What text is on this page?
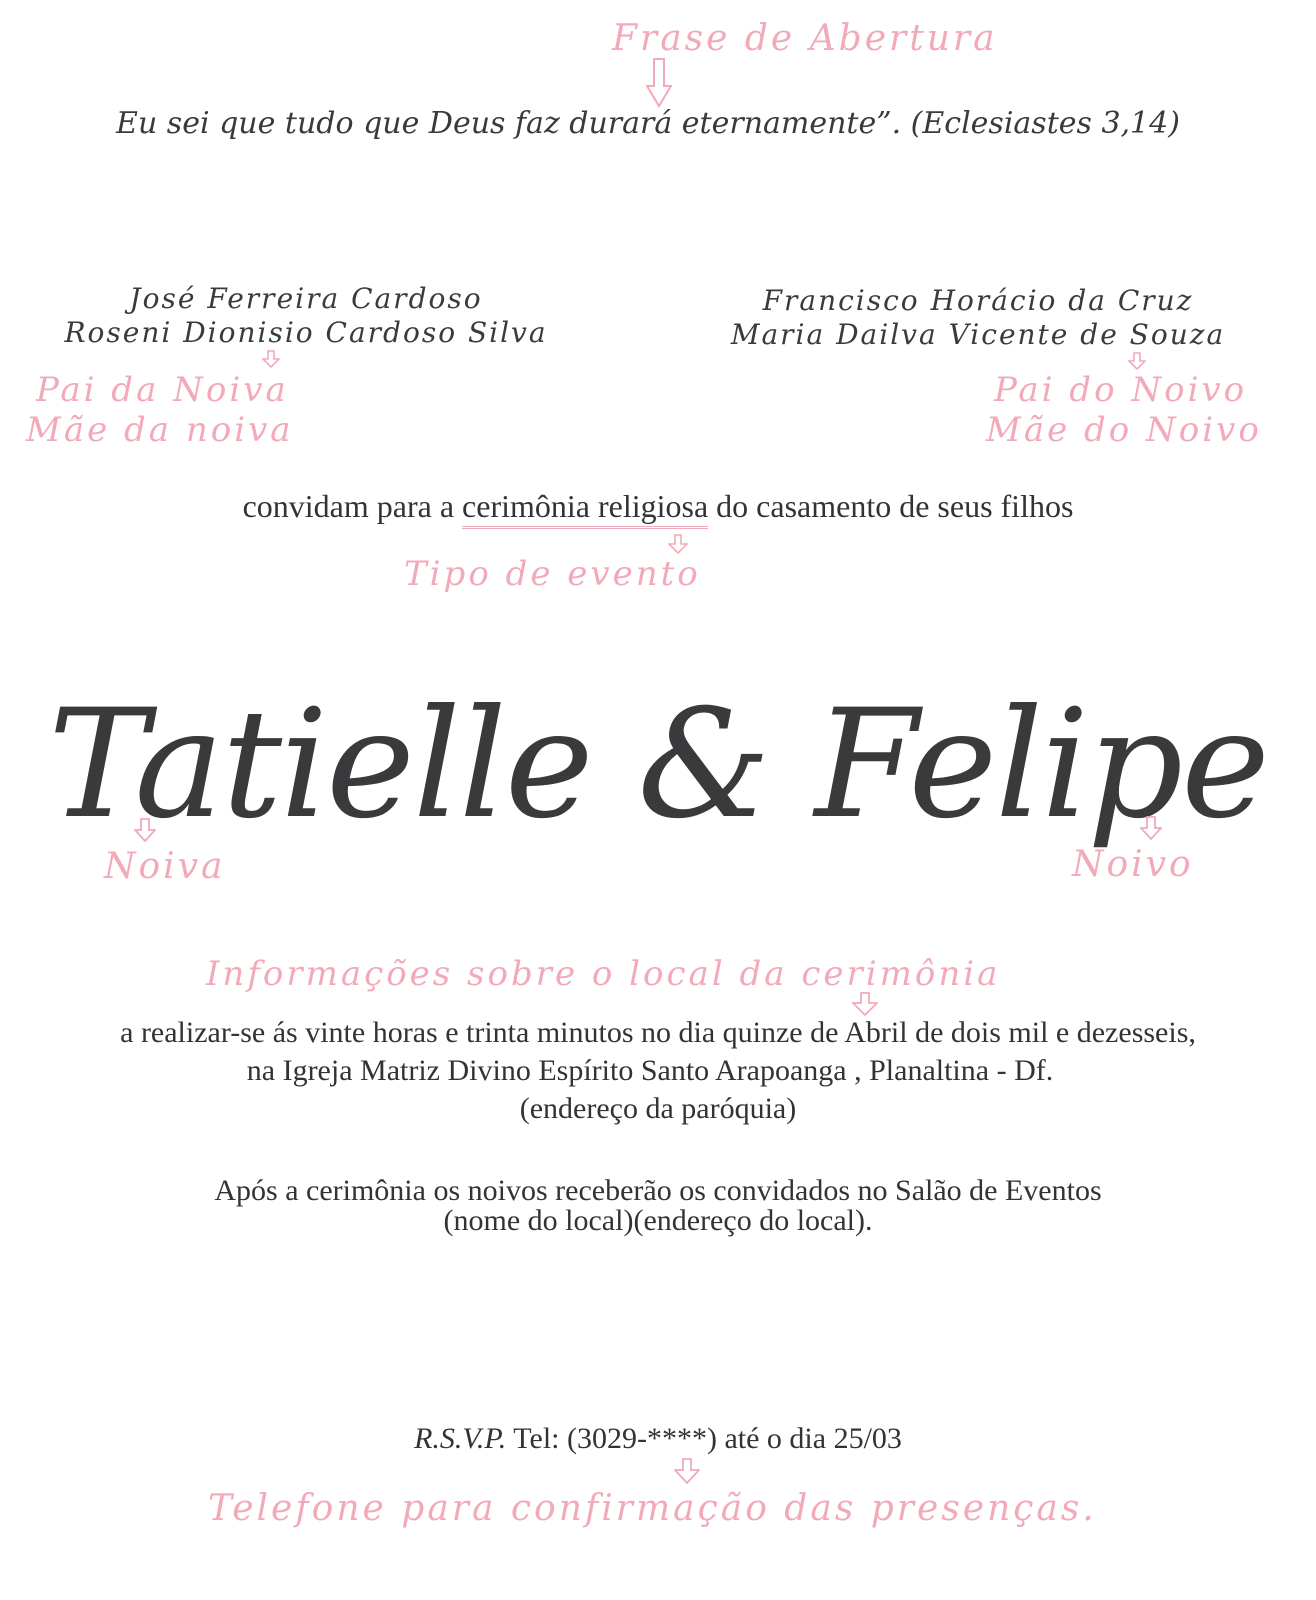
Frase de Abertura
Eu sei que tudo que Deus faz durará eternamente”. (Eclesiastes 3,14)
José Ferreira Cardoso
Roseni Dionisio Cardoso Silva
Pai da Noiva
Mãe da noiva
Francisco Horácio da Cruz
Maria Dailva Vicente de Souza
Pai do Noivo
Mãe do Noivo
convidam para a cerimônia religiosa do casamento de seus filhos
Tipo de evento
Tatielle & Felipe
Noiva	Noivo
Informações sobre o local da cerimônia
a realizar-se ás vinte horas e trinta minutos no dia quinze de Abril de dois mil e dezesseis,
na Igreja Matriz Divino Espírito Santo Arapoanga , Planaltina - Df.
(endereço da paróquia)
Após a cerimônia os noivos receberão os convidados no Salão de Eventos
(nome do local)(endereço do local).
R.S.V.P. Tel: (3029-****) até o dia 25/03
Telefone para confirmação das presenças.
